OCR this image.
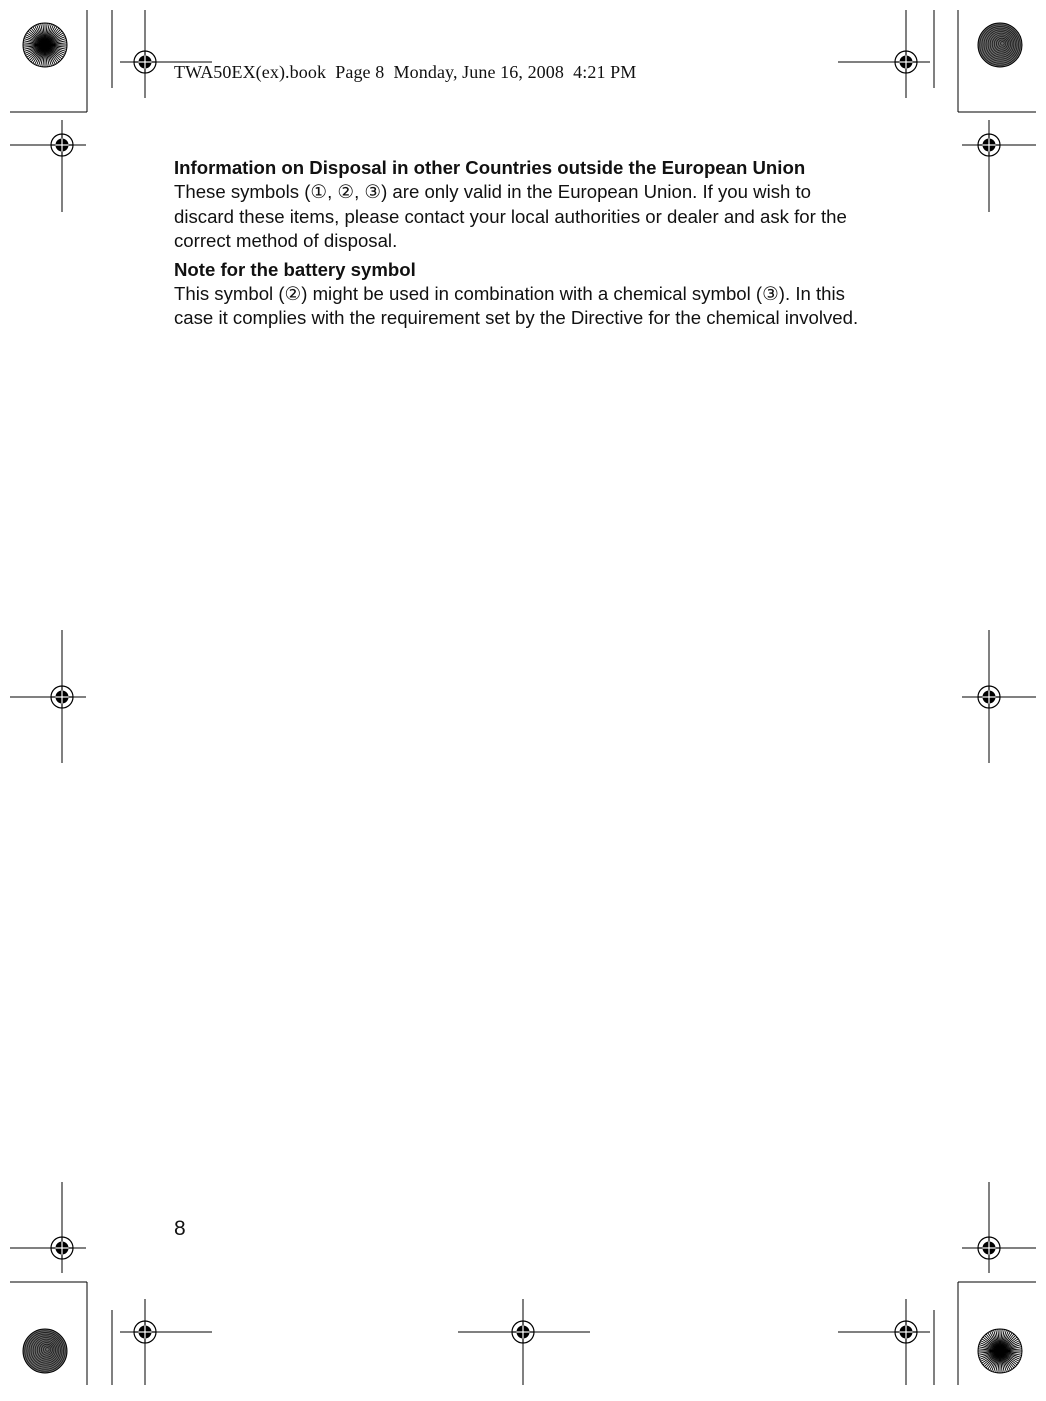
TWA50EX(ex).book  Page 8  Monday, June 16, 2008  4:21 PM
Information on Disposal in other Countries outside the European Union

These symbols (①, ②, ③) are only valid in the European Union. If you wish to discard these items, please contact your local authorities or dealer and ask for the correct method of disposal.

Note for the battery symbol

This symbol (②) might be used in combination with a chemical symbol (③). In this case it complies with the requirement set by the Directive for the chemical involved.

8
